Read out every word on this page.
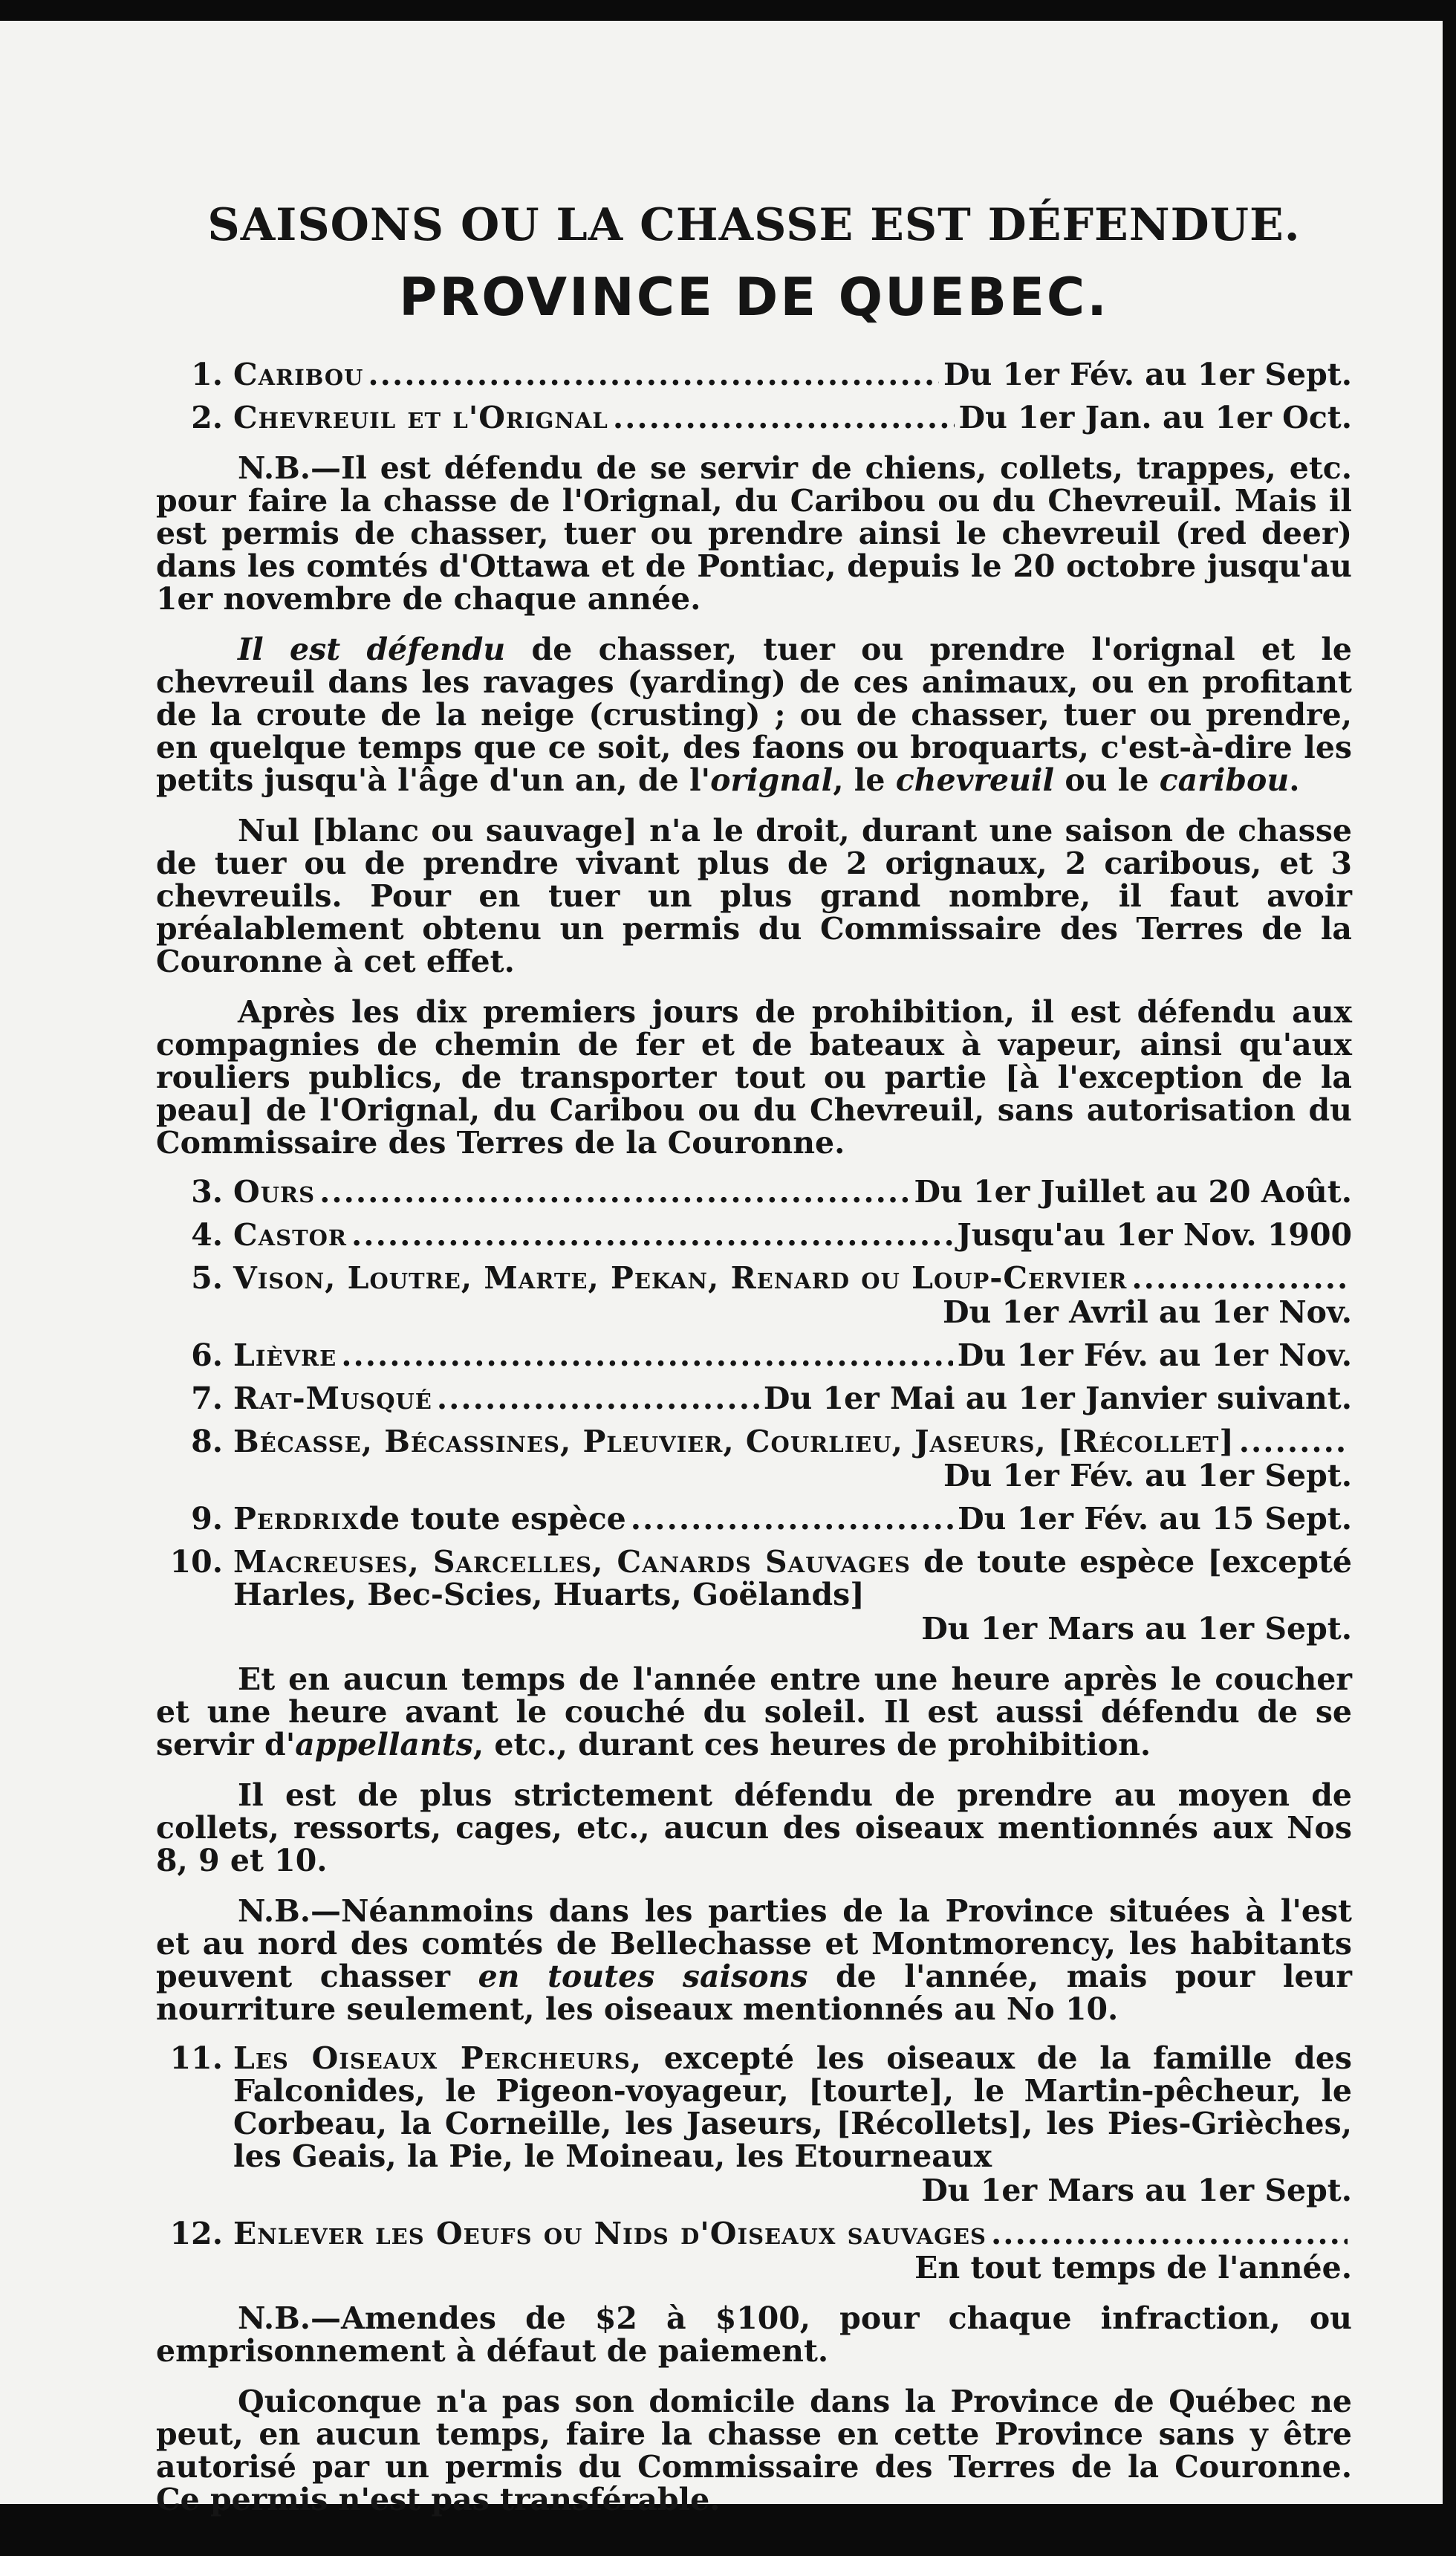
SAISONS OU LA CHASSE EST DÉFENDUE.
PROVINCE DE QUEBEC.
1. Caribou .....	Du 1er Fév. au 1er Sept.
2. Chevreuil et l'Orignal .....	Du 1er Jan. au 1er Oct.

N.B.—Il est défendu de se servir de chiens, collets, trappes, etc. pour faire la chasse de l'Orignal, du Caribou ou du Chevreuil. Mais il est permis de chasser, tuer ou prendre ainsi le chevreuil (red deer) dans les comtés d'Ottawa et de Pontiac, depuis le 20 octobre jusqu'au 1er novembre de chaque année.

Il est défendu de chasser, tuer ou prendre l'orignal et le chevreuil dans les ravages (yarding) de ces animaux, ou en profitant de la croute de la neige (crusting) ; ou de chasser, tuer ou prendre, en quelque temps que ce soit, des faons ou broquarts, c'est-à-dire les petits jusqu'à l'âge d'un an, de l'orignal, le chevreuil ou le caribou.

Nul [blanc ou sauvage] n'a le droit, durant une saison de chasse de tuer ou de prendre vivant plus de 2 orignaux, 2 caribous, et 3 chevreuils. Pour en tuer un plus grand nombre, il faut avoir préalablement obtenu un permis du Commissaire des Terres de la Couronne à cet effet.

Après les dix premiers jours de prohibition, il est défendu aux compagnies de chemin de fer et de bateaux à vapeur, ainsi qu'aux rouliers publics, de transporter tout ou partie [à l'exception de la peau] de l'Orignal, du Caribou ou du Chevreuil, sans autorisation du Commissaire des Terres de la Couronne.

3. Ours .....	Du 1er Juillet au 20 Août.
4. Castor .....	Jusqu'au 1er Nov. 1900
5. Vison, Loutre, Marte, Pekan, Renard ou Loup-Cervier
.....
Du 1er Avril au 1er Nov.
6. Lièvre .....	Du 1er Fév. au 1er Nov.
7. Rat-Musqué .....	Du 1er Mai au 1er Janvier suivant.
8. Bécasse, Bécassines, Pleuvier, Courlieu, Jaseurs, [Récollet]
.....
Du 1er Fév. au 1er Sept.
9. Perdrix de toute espèce .....	Du 1er Fév. au 15 Sept.
10. Macreuses, Sarcelles, Canards Sauvages de toute espèce [excepté Harles, Bec-Scies, Huarts, Goëlands]
Du 1er Mars au 1er Sept.

Et en aucun temps de l'année entre une heure après le coucher et une heure avant le couché du soleil. Il est aussi défendu de se servir d'appellants, etc., durant ces heures de prohibition.

Il est de plus strictement défendu de prendre au moyen de collets, ressorts, cages, etc., aucun des oiseaux mentionnés aux Nos 8, 9 et 10.

N.B.—Néanmoins dans les parties de la Province situées à l'est et au nord des comtés de Bellechasse et Montmorency, les habitants peuvent chasser en toutes saisons de l'année, mais pour leur nourriture seulement, les oiseaux mentionnés au No 10.

11. Les Oiseaux Percheurs, excepté les oiseaux de la famille des Falconides, le Pigeon-voyageur, [tourte], le Martin-pêcheur, le Corbeau, la Corneille, les Jaseurs, [Récollets], les Pies-Grièches, les Geais, la Pie, le Moineau, les Etourneaux
Du 1er Mars au 1er Sept.
12. Enlever les Oeufs ou Nids d'Oiseaux sauvages
.....
En tout temps de l'année.

N.B.—Amendes de $2 à $100, pour chaque infraction, ou emprisonnement à défaut de paiement.

Quiconque n'a pas son domicile dans la Province de Québec ne peut, en aucun temps, faire la chasse en cette Province sans y être autorisé par un permis du Commissaire des Terres de la Couronne. Ce permis n'est pas transférable.
